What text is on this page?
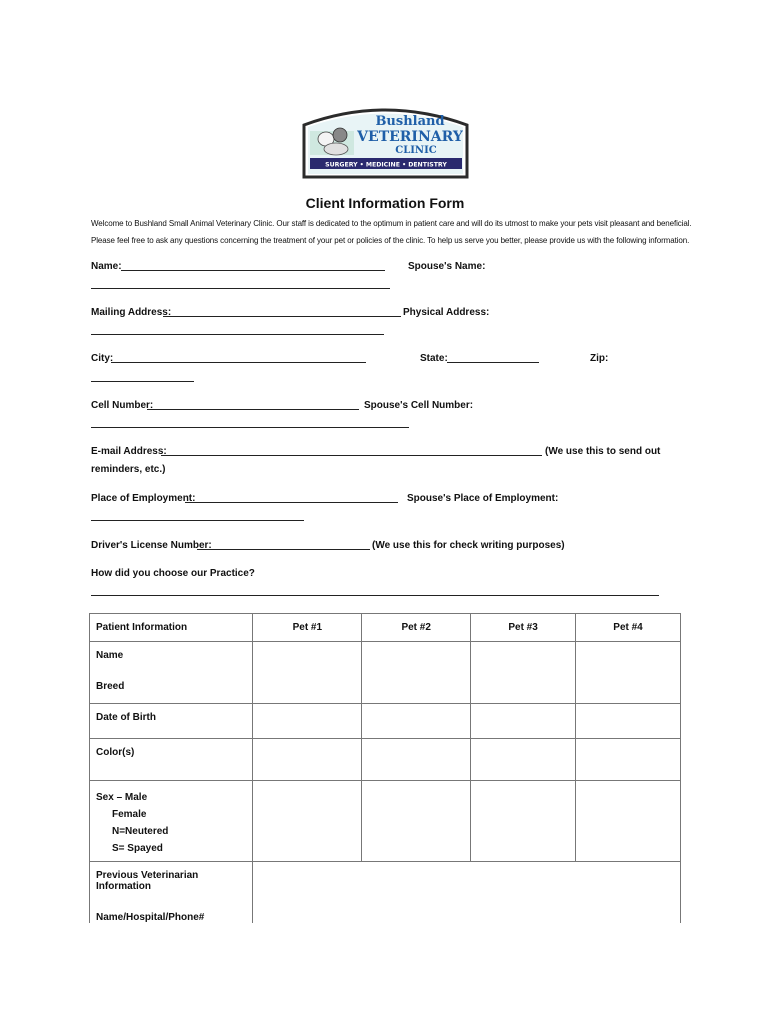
Bushland
VETERINARY
CLINIC
SURGERY • MEDICINE • DENTISTRY
Client Information Form
Welcome to Bushland Small Animal Veterinary Clinic. Our staff is dedicated to the optimum in patient care and will do its utmost to make your pets visit pleasant and beneficial.
Please feel free to ask any questions concerning the treatment of your pet or policies of the clinic. To help us serve you better, please provide us with the following information.
Name:	Spouse's Name:
Mailing Address:	Physical Address:
City:	State:	Zip:
Cell Number:	Spouse's Cell Number:
E-mail Address:	(We use this to send out
reminders, etc.)
Place of Employment:	Spouse's Place of Employment:
Driver's License Number:	(We use this for check writing purposes)
How did you choose our Practice?
Patient Information	Pet #1	Pet #2	Pet #3	Pet #4

Name
Breed				

Date of Birth				
Color(s)				

Sex – Male
Female
N=Neutered
S= Spayed				

Previous Veterinarian Information
Name/Hospital/Phone#				
